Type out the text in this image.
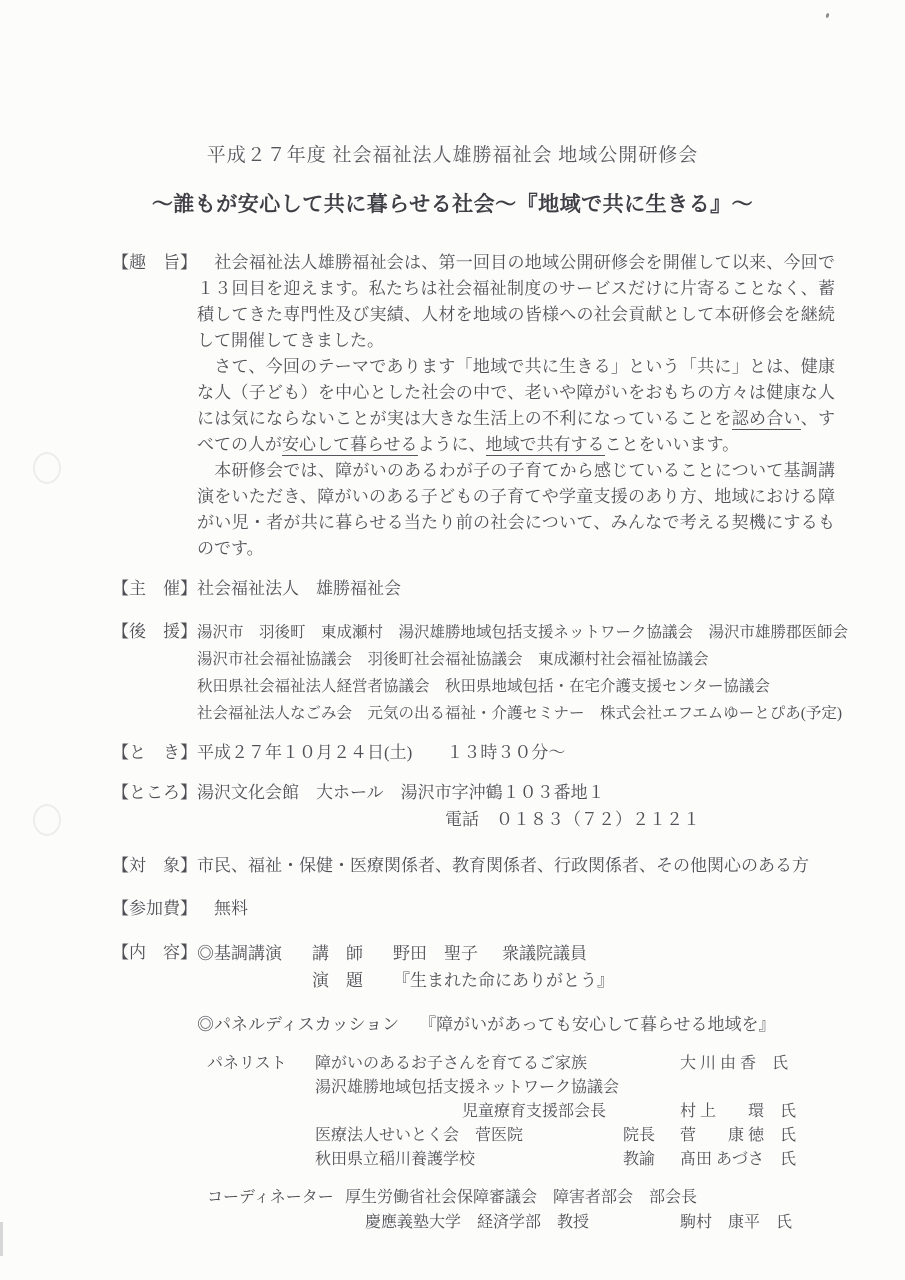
平成２７年度 社会福祉法人雄勝福祉会 地域公開研修会
～誰もが安心して共に暮らせる社会～『地域で共に生きる』～
【趣　旨】 　社会福祉法人雄勝福祉会は、第一回目の地域公開研修会を開催して以来、今回で１３回目を迎えます。私たちは社会福祉制度のサービスだけに片寄ることなく、蓄積してきた専門性及び実績、人材を地域の皆様への社会貢献として本研修会を継続して開催してきました。

　さて、今回のテーマであります「地域で共に生きる」という「共に」とは、健康な人（子ども）を中心とした社会の中で、老いや障がいをおもちの方々は健康な人には気にならないことが実は大きな生活上の不利になっていることを認め合い、すべての人が安心して暮らせるように、地域で共有することをいいます。

　本研修会では、障がいのあるわが子の子育てから感じていることについて基調講演をいただき、障がいのある子どもの子育てや学童支援のあり方、地域における障がい児・者が共に暮らせる当たり前の社会について、みんなで考える契機にするものです。

【主　催】 社会福祉法人　雄勝福祉会
【後　援】 湯沢市　羽後町　東成瀬村　湯沢雄勝地域包括支援ネットワーク協議会　湯沢市雄勝郡医師会
湯沢市社会福祉協議会　羽後町社会福祉協議会　東成瀬村社会福祉協議会
秋田県社会福祉法人経営者協議会　秋田県地域包括・在宅介護支援センター協議会
社会福祉法人なごみ会　元気の出る福祉・介護セミナー　株式会社エフエムゆーとぴあ(予定)
【と　き】 平成２７年１０月２４日(土)　　１３時３０分～
【ところ】 湯沢文化会館　大ホール　湯沢市字沖鶴１０３番地１
電話　０１８３（７２）２１２１
【対　象】 市民、福祉・保健・医療関係者、教育関係者、行政関係者、その他関心のある方
【参加費】 無料
【内　容】 ◎基調講演 講　師 野田　聖子 衆議院議員
演　題 『生まれた命にありがとう』
◎パネルディスカッション 『障がいがあっても安心して暮らせる地域を』
パネリスト	障がいのあるお子さんを育てるご家族	大 川 由 香　氏
湯沢雄勝地域包括支援ネットワーク協議会
児童療育支援部会長	村 上　　環　氏
医療法人せいとく会　菅医院	院長	菅　　康 徳　氏
秋田県立稲川養護学校	教諭	髙田 あづさ　氏
コーディネーター 厚生労働省社会保障審議会　障害者部会　部会長
慶應義塾大学　経済学部　教授	駒村　康平　氏
